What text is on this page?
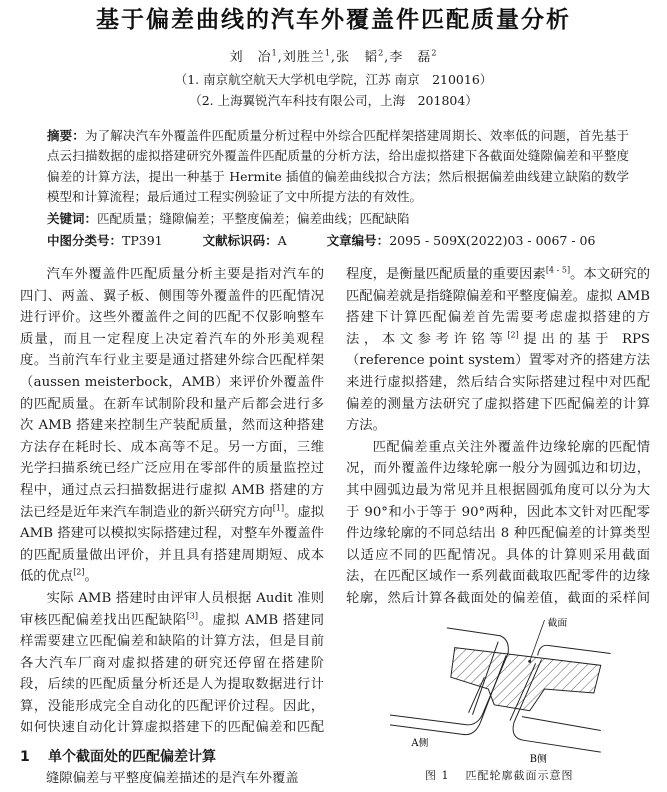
基于偏差曲线的汽车外覆盖件匹配质量分析
刘　冶$^1$,刘胜兰$^1$,张　韬$^2$,李　磊$^2$
（1. 南京航空航天大学机电学院，江苏 南京　210016）
（2. 上海翼锐汽车科技有限公司，上海　201804）
摘要：为了解决汽车外覆盖件匹配质量分析过程中外综合匹配样架搭建周期长、效率低的问题，首先基于点云扫描数据的虚拟搭建研究外覆盖件匹配质量的分析方法，给出虚拟搭建下各截面处缝隙偏差和平整度偏差的计算方法，提出一种基于 Hermite 插值的偏差曲线拟合方法；然后根据偏差曲线建立缺陷的数学模型和计算流程；最后通过工程实例验证了文中所提方法的有效性。
关键词：匹配质量；缝隙偏差；平整度偏差；偏差曲线；匹配缺陷
中图分类号：TP391	文献标识码：A	文章编号：2095 - 509X(2022)03 - 0067 - 06

汽车外覆盖件匹配质量分析主要是指对汽车的四门、两盖、翼子板、侧围等外覆盖件的匹配情况进行评价。这些外覆盖件之间的匹配不仅影响整车质量，而且一定程度上决定着汽车的外形美观程度。当前汽车行业主要是通过搭建外综合匹配样架（aussen meisterbock，AMB）来评价外覆盖件的匹配质量。在新车试制阶段和量产后都会进行多次 AMB 搭建来控制生产装配质量，然而这种搭建方法存在耗时长、成本高等不足。另一方面，三维光学扫描系统已经广泛应用在零部件的质量监控过程中，通过点云扫描数据进行虚拟 AMB 搭建的方法已经是近年来汽车制造业的新兴研究方向[1]。虚拟 AMB 搭建可以模拟实际搭建过程，对整车外覆盖件的匹配质量做出评价，并且具有搭建周期短、成本低的优点[2]。

实际 AMB 搭建时由评审人员根据 Audit 准则审核匹配偏差找出匹配缺陷[3]。虚拟 AMB 搭建同样需要建立匹配偏差和缺陷的计算方法，但是目前各大汽车厂商对虚拟搭建的研究还停留在搭建阶段，后续的匹配质量分析还是人为提取数据进行计算，没能形成完全自动化的匹配评价过程。因此，如何快速自动化计算虚拟搭建下的匹配偏差和匹配

1 单个截面处的匹配偏差计算
缝隙偏差与平整度偏差描述的是汽车外覆盖

程度，是衡量匹配质量的重要因素[4 - 5]。本文研究的匹配偏差就是指缝隙偏差和平整度偏差。虚拟 AMB 搭建下计算匹配偏差首先需要考虑虚拟搭建的方法，本文参考许铭等[2]提出的基于 RPS（reference point system）置零对齐的搭建方法来进行虚拟搭建，然后结合实际搭建过程中对匹配偏差的测量方法研究了虚拟搭建下匹配偏差的计算方法。

匹配偏差重点关注外覆盖件边缘轮廓的匹配情况，而外覆盖件边缘轮廓一般分为圆弧边和切边，其中圆弧边最为常见并且根据圆弧角度可以分为大于 90°和小于等于 90°两种，因此本文针对匹配零件边缘轮廓的不同总结出 8 种匹配偏差的计算类型以适应不同的匹配情况。具体的计算则采用截面法，在匹配区域作一系列截面截取匹配零件的边缘轮廓，然后计算各截面处的偏差值，截面的采样间

截面
A侧
B侧
图 1 匹配轮廓截面示意图
